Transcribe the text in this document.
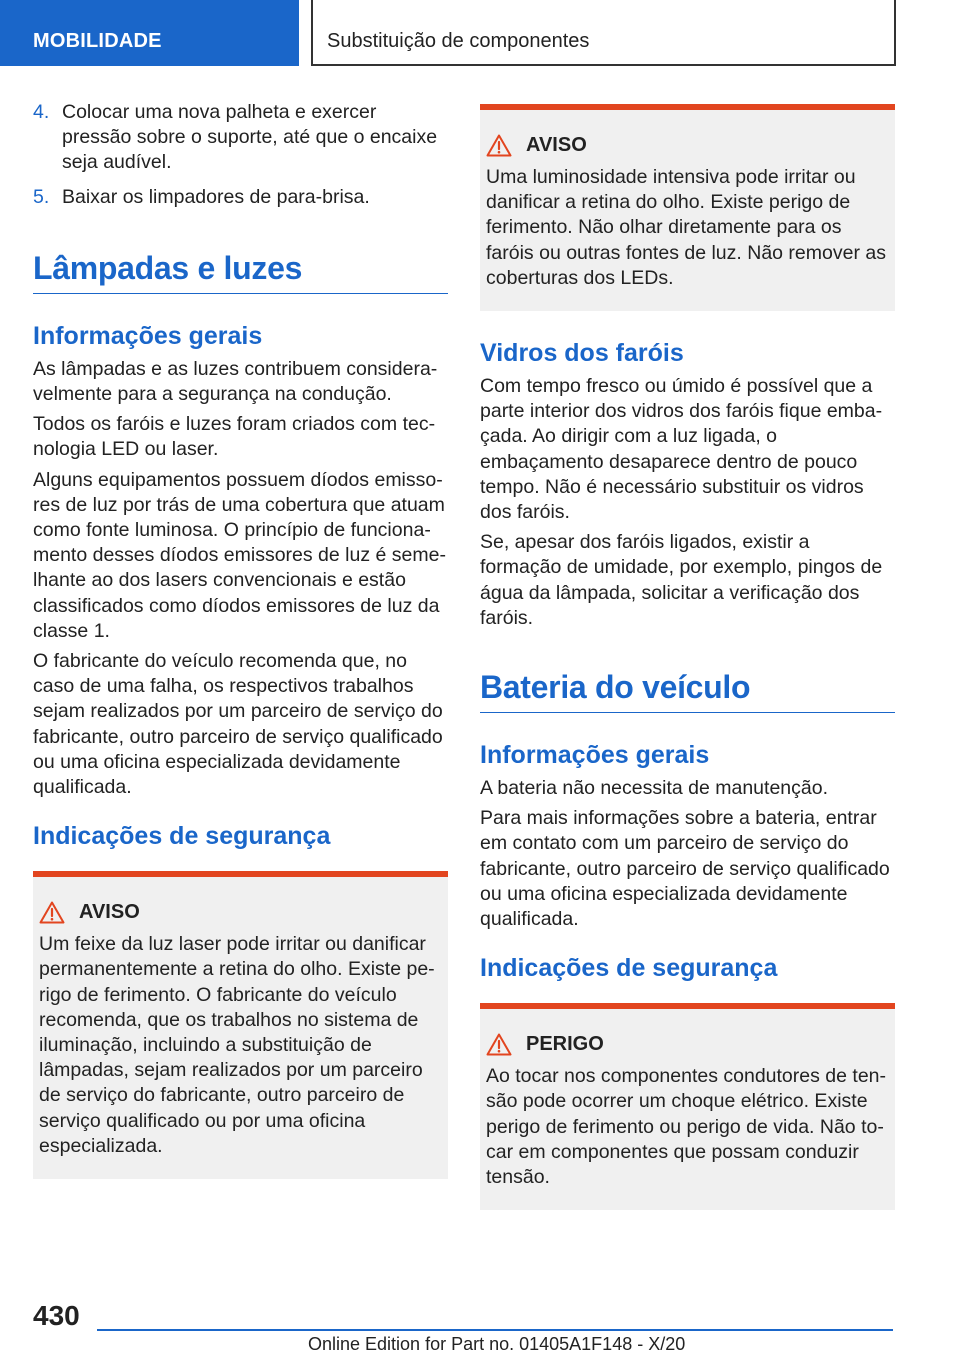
MOBILIDADE	Substituição de componentes
4. Colocar uma nova palheta e exercer pressão sobre o suporte, até que o encaixe seja audível.
5. Baixar os limpadores de para-brisa.
Lâmpadas e luzes
Informações gerais

As lâmpadas e as luzes contribuem consideravelmente para a segurança na condução.

Todos os faróis e luzes foram criados com tecnologia LED ou laser.

Alguns equipamentos possuem díodos emissores de luz por trás de uma cobertura que atuam como fonte luminosa. O princípio de funcionamento desses díodos emissores de luz é semelhante ao dos lasers convencionais e estão classificados como díodos emissores de luz da classe 1.

O fabricante do veículo recomenda que, no caso de uma falha, os respectivos trabalhos sejam realizados por um parceiro de serviço do fabricante, outro parceiro de serviço qualificado ou uma oficina especializada devidamente qualificada.

Indicações de segurança
AVISO

Um feixe da luz laser pode irritar ou danificar permanentemente a retina do olho. Existe perigo de ferimento. O fabricante do veículo recomenda, que os trabalhos no sistema de iluminação, incluindo a substituição de lâmpadas, sejam realizados por um parceiro de serviço do fabricante, outro parceiro de serviço qualificado ou por uma oficina especializada.

AVISO

Uma luminosidade intensiva pode irritar ou danificar a retina do olho. Existe perigo de ferimento. Não olhar diretamente para os faróis ou outras fontes de luz. Não remover as coberturas dos LEDs.

Vidros dos faróis

Com tempo fresco ou úmido é possível que a parte interior dos vidros dos faróis fique embaçada. Ao dirigir com a luz ligada, o embaçamento desaparece dentro de pouco tempo. Não é necessário substituir os vidros dos faróis.

Se, apesar dos faróis ligados, existir a formação de umidade, por exemplo, pingos de água da lâmpada, solicitar a verificação dos faróis.

Bateria do veículo
Informações gerais

A bateria não necessita de manutenção.

Para mais informações sobre a bateria, entrar em contato com um parceiro de serviço do fabricante, outro parceiro de serviço qualificado ou uma oficina especializada devidamente qualificada.

Indicações de segurança
PERIGO

Ao tocar nos componentes condutores de tensão pode ocorrer um choque elétrico. Existe perigo de ferimento ou perigo de vida. Não tocar em componentes que possam conduzir tensão.

430
Online Edition for Part no. 01405A1F148 - X/20
